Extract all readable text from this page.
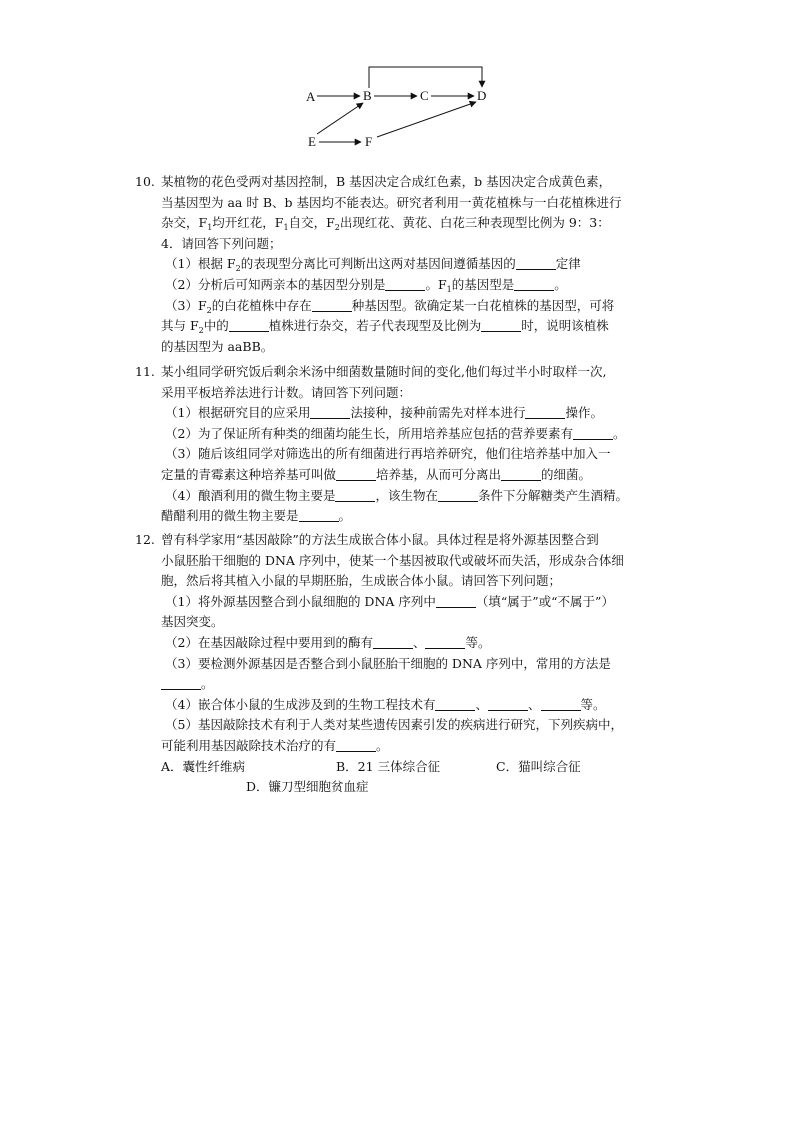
A	B	C	D
E	F
10. 某植物的花色受两对基因控制，B 基因决定合成红色素，b 基因决定合成黄色素，
当基因型为 aa 时 B、b 基因均不能表达。研究者利用一黄花植株与一白花植株进行
杂交，$F_1$均开红花，$F_1$自交，$F_2$出现红花、黄花、白花三种表现型比例为 9：3：
4．请回答下列问题；
（1）根据 $F_2$的表现型分离比可判断出这两对基因间遵循基因的	定律
（2）分析后可知两亲本的基因型分别是	。$F_1$的基因型是	。
$(3)F_2$的白花植株中存在	种基因型。欲确定某一白花植株的基因型，可将
其与 $F_2$中的	植株进行杂交，若子代表现型及比例为	时，说明该植株
的基因型为 aaBB。
11. 某小组同学研究饭后剩余米汤中细菌数量随时间的变化,他们每过半小时取样一次,
采用平板培养法进行计数。请回答下列问题：
（1）根据研究目的应采用	法接种，接种前需先对样本进行	操作。
（2）为了保证所有种类的细菌均能生长，所用培养基应包括的营养要素有	。
（3）随后该组同学对筛选出的所有细菌进行再培养研究，他们往培养基中加入一
定量的青霉素这种培养基可叫做	培养基，从而可分离出	的细菌。
（4）酿酒利用的微生物主要是	，该生物在	条件下分解糖类产生酒精。
醋醋利用的微生物主要是	。
12. 曾有科学家用“基因敲除”的方法生成嵌合体小鼠。具体过程是将外源基因整合到
小鼠胚胎干细胞的 DNA 序列中，使某一个基因被取代或破坏而失活，形成杂合体细
胞，然后将其植入小鼠的早期胚胎，生成嵌合体小鼠。请回答下列问题；
（1）将外源基因整合到小鼠细胞的 DNA 序列中	（填“属于”或“不属于”）
基因突变。
（2）在基因敲除过程中要用到的酶有	、	等。
（3）要检测外源基因是否整合到小鼠胚胎干细胞的 DNA 序列中，常用的方法是
。
（4）嵌合体小鼠的生成涉及到的生物工程技术有	、	、	等。
（5）基因敲除技术有利于人类对某些遗传因素引发的疾病进行研究，下列疾病中，
可能利用基因敲除技术治疗的有	。
A．囊性纤维病	B．21 三体综合征	C．猫叫综合征
D．镰刀型细胞贫血症
